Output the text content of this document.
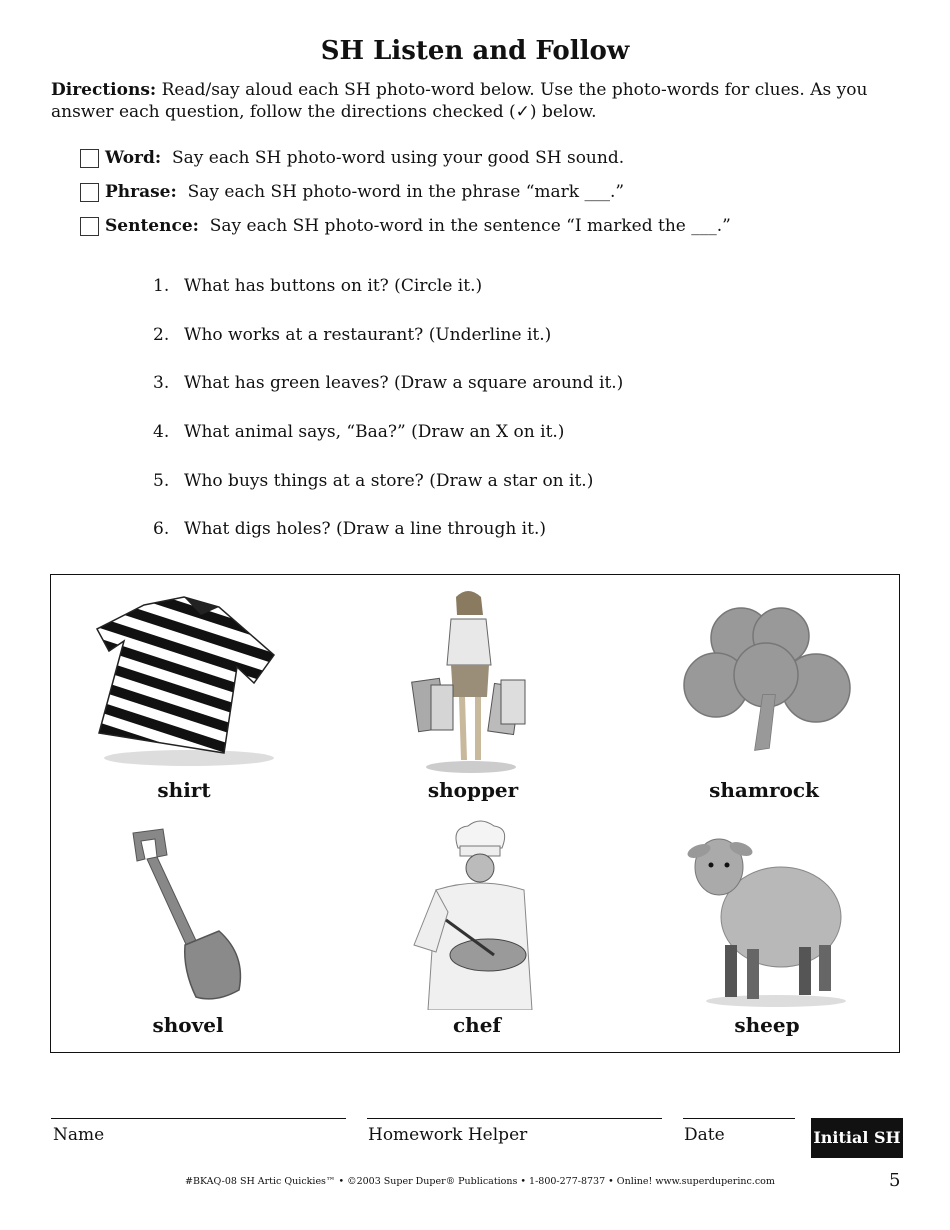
SH Listen and Follow
Directions: Read/say aloud each SH photo-word below. Use the photo-words for clues. As you answer each question, follow the directions checked (✓) below.
Word: Say each SH photo-word using your good SH sound.
Phrase: Say each SH photo-word in the phrase “mark ___.”
Sentence: Say each SH photo-word in the sentence “I marked the ___.”
1. What has buttons on it? (Circle it.)
2. Who works at a restaurant? (Underline it.)
3. What has green leaves? (Draw a square around it.)
4. What animal says, “Baa?” (Draw an X on it.)
5. Who buys things at a store? (Draw a star on it.)
6. What digs holes? (Draw a line through it.)
shirt	shopper	shamrock
shovel	chef	sheep
Name	Homework Helper	Date	Initial SH
#BKAQ-08 SH Artic Quickies™ • ©2003 Super Duper® Publications • 1-800-277-8737 • Online! www.superduperinc.com	5
